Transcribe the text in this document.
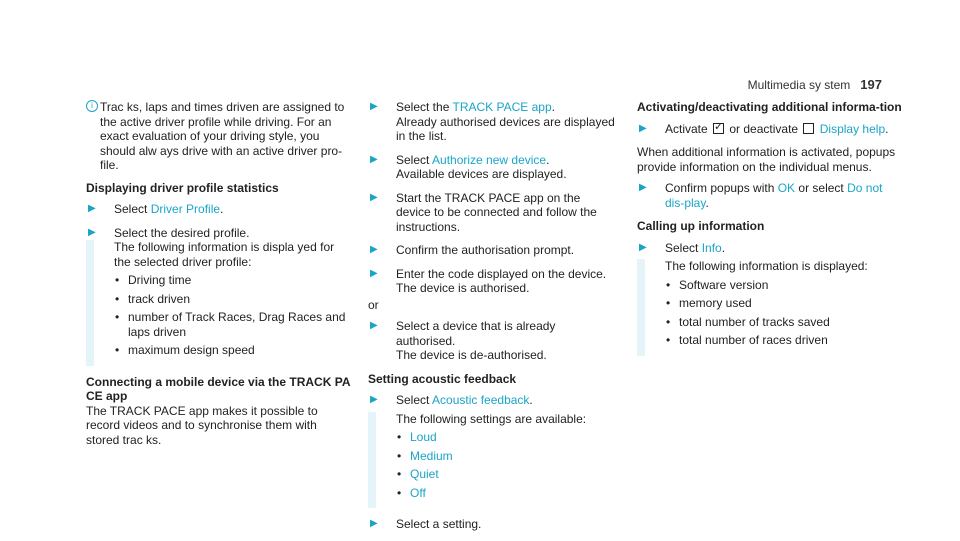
Multimedia sy stem 197
i Trac ks, laps and times driven are assigned to the active driver profile while driving. For an exact evaluation of your driving style, you should alw ays drive with an active driver pro-file.
Displaying driver profile statistics
▶ Select Driver Profile.
▶ Select the desired profile.
The following information is displa yed for the selected driver profile:
• Driving time
• track driven
• number of Track Races, Drag Races and laps driven
• maximum design speed
Connecting a mobile device via the TRACK PA CE app
The TRACK PACE app makes it possible to record videos and to synchronise them with stored trac ks.
▶ Select the TRACK PACE app.
Already authorised devices are displayed in the list.
▶ Select Authorize new device.
Available devices are displayed.
▶ Start the TRACK PACE app on the device to be connected and follow the instructions.
▶ Confirm the authorisation prompt.
▶ Enter the code displayed on the device.
The device is authorised.
or
▶ Select a device that is already authorised.
The device is de-authorised.
Setting acoustic feedback
▶ Select Acoustic feedback.
The following settings are available:
• Loud
• Medium
• Quiet
• Off
▶ Select a setting.
Activating/deactivating additional informa-tion
▶ Activate ✓ or deactivate  Display help.
When additional information is activated, popups provide information on the individual menus.
▶ Confirm popups with OK or select Do not dis-play.
Calling up information
▶ Select Info.
The following information is displayed:
• Software version
• memory used
• total number of tracks saved
• total number of races driven
